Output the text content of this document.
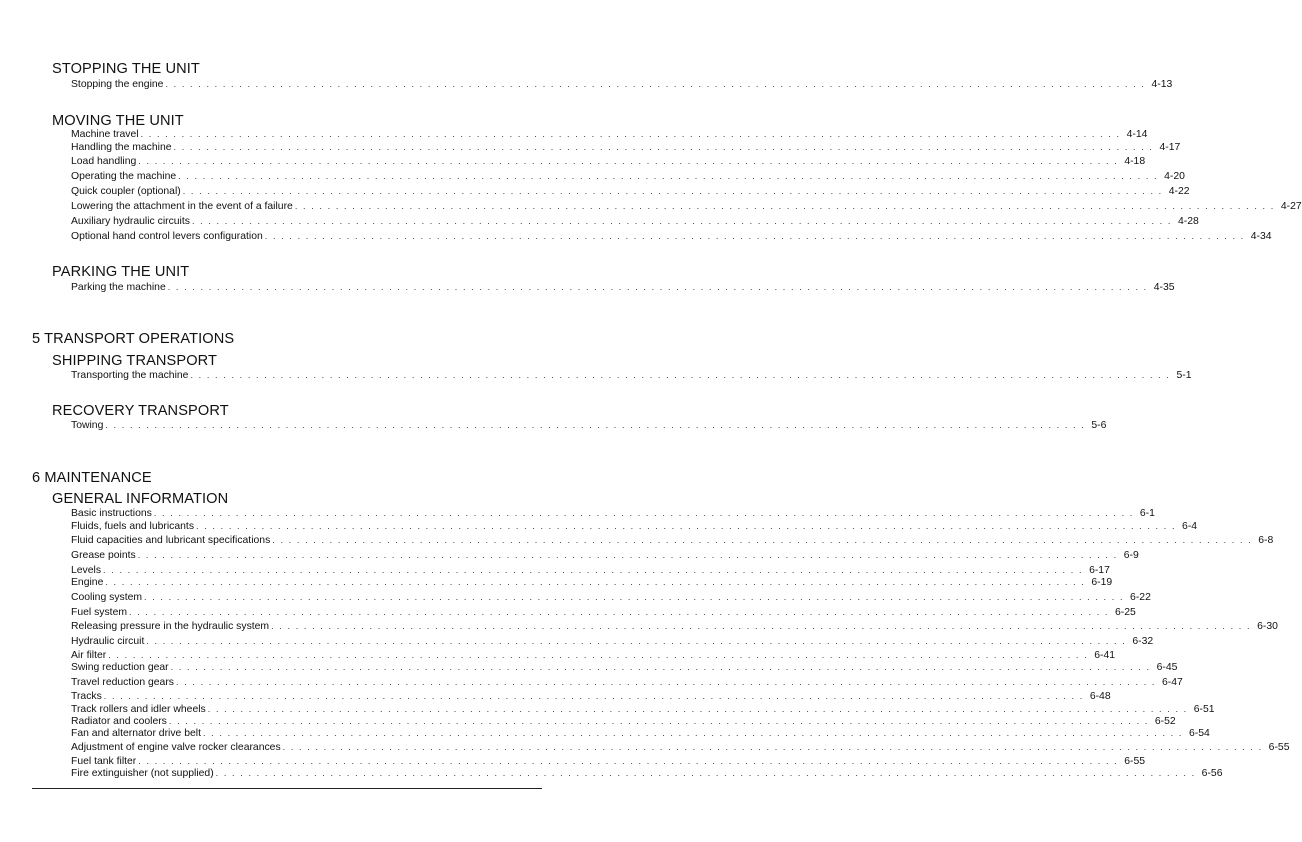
5 TRANSPORT OPERATIONS
6 MAINTENANCE
STOPPING THE UNIT
Stopping the engine . . . . . . . . . . . . . . . . . . . . . . . . . . . . . . . . . . . . . . . . . . . . . . . . . . . . . . . . . . . . . . . . . . . . . . . . . . . . . . . . . . . . . . . . . . . . . . . . . . . . . . . . . . . . . . . . . . . . . . . . 4-13
MOVING THE UNIT
Machine travel . . . . . . . . . . . . . . . . . . . . . . . . . . . . . . . . . . . . . . . . . . . . . . . . . . . . . . . . . . . . . . . . . . . . . . . . . . . . . . . . . . . . . . . . . . . . . . . . . . . . . . . . . . . . . . . . . . . . . . . . 4-14
Handling the machine . . . . . . . . . . . . . . . . . . . . . . . . . . . . . . . . . . . . . . . . . . . . . . . . . . . . . . . . . . . . . . . . . . . . . . . . . . . . . . . . . . . . . . . . . . . . . . . . . . . . . . . . . . . . . . . . . . . . . . . . 4-17
Load handling . . . . . . . . . . . . . . . . . . . . . . . . . . . . . . . . . . . . . . . . . . . . . . . . . . . . . . . . . . . . . . . . . . . . . . . . . . . . . . . . . . . . . . . . . . . . . . . . . . . . . . . . . . . . . . . . . . . . . . . . 4-18
Operating the machine . . . . . . . . . . . . . . . . . . . . . . . . . . . . . . . . . . . . . . . . . . . . . . . . . . . . . . . . . . . . . . . . . . . . . . . . . . . . . . . . . . . . . . . . . . . . . . . . . . . . . . . . . . . . . . . . . . . . . . . . 4-20
Quick coupler (optional) . . . . . . . . . . . . . . . . . . . . . . . . . . . . . . . . . . . . . . . . . . . . . . . . . . . . . . . . . . . . . . . . . . . . . . . . . . . . . . . . . . . . . . . . . . . . . . . . . . . . . . . . . . . . . . . . . . . . . . . . 4-22
Lowering the attachment in the event of a failure . . . . . . . . . . . . . . . . . . . . . . . . . . . . . . . . . . . . . . . . . . . . . . . . . . . . . . . . . . . . . . . . . . . . . . . . . . . . . . . . . . . . . . . . . . . . . . . . . . . . . . . . . . . . . . . . . . . . . . . . 4-27
Auxiliary hydraulic circuits . . . . . . . . . . . . . . . . . . . . . . . . . . . . . . . . . . . . . . . . . . . . . . . . . . . . . . . . . . . . . . . . . . . . . . . . . . . . . . . . . . . . . . . . . . . . . . . . . . . . . . . . . . . . . . . . . . . . . . . . 4-28
Optional hand control levers configuration . . . . . . . . . . . . . . . . . . . . . . . . . . . . . . . . . . . . . . . . . . . . . . . . . . . . . . . . . . . . . . . . . . . . . . . . . . . . . . . . . . . . . . . . . . . . . . . . . . . . . . . . . . . . . . . . . . . . . . . . 4-34
PARKING THE UNIT
Parking the machine . . . . . . . . . . . . . . . . . . . . . . . . . . . . . . . . . . . . . . . . . . . . . . . . . . . . . . . . . . . . . . . . . . . . . . . . . . . . . . . . . . . . . . . . . . . . . . . . . . . . . . . . . . . . . . . . . . . . . . . . 4-35
SHIPPING TRANSPORT
Transporting the machine . . . . . . . . . . . . . . . . . . . . . . . . . . . . . . . . . . . . . . . . . . . . . . . . . . . . . . . . . . . . . . . . . . . . . . . . . . . . . . . . . . . . . . . . . . . . . . . . . . . . . . . . . . . . . . . . . . . . . . . . 5-1
RECOVERY TRANSPORT
Towing . . . . . . . . . . . . . . . . . . . . . . . . . . . . . . . . . . . . . . . . . . . . . . . . . . . . . . . . . . . . . . . . . . . . . . . . . . . . . . . . . . . . . . . . . . . . . . . . . . . . . . . . . . . . . . . . . . . . . . . . 5-6
GENERAL INFORMATION
Basic instructions . . . . . . . . . . . . . . . . . . . . . . . . . . . . . . . . . . . . . . . . . . . . . . . . . . . . . . . . . . . . . . . . . . . . . . . . . . . . . . . . . . . . . . . . . . . . . . . . . . . . . . . . . . . . . . . . . . . . . . . . 6-1
Fluids, fuels and lubricants . . . . . . . . . . . . . . . . . . . . . . . . . . . . . . . . . . . . . . . . . . . . . . . . . . . . . . . . . . . . . . . . . . . . . . . . . . . . . . . . . . . . . . . . . . . . . . . . . . . . . . . . . . . . . . . . . . . . . . . . 6-4
Fluid capacities and lubricant specifications . . . . . . . . . . . . . . . . . . . . . . . . . . . . . . . . . . . . . . . . . . . . . . . . . . . . . . . . . . . . . . . . . . . . . . . . . . . . . . . . . . . . . . . . . . . . . . . . . . . . . . . . . . . . . . . . . . . . . . . . 6-8
Grease points . . . . . . . . . . . . . . . . . . . . . . . . . . . . . . . . . . . . . . . . . . . . . . . . . . . . . . . . . . . . . . . . . . . . . . . . . . . . . . . . . . . . . . . . . . . . . . . . . . . . . . . . . . . . . . . . . . . . . . . . 6-9
Levels . . . . . . . . . . . . . . . . . . . . . . . . . . . . . . . . . . . . . . . . . . . . . . . . . . . . . . . . . . . . . . . . . . . . . . . . . . . . . . . . . . . . . . . . . . . . . . . . . . . . . . . . . . . . . . . . . . . . . . . . 6-17
Engine . . . . . . . . . . . . . . . . . . . . . . . . . . . . . . . . . . . . . . . . . . . . . . . . . . . . . . . . . . . . . . . . . . . . . . . . . . . . . . . . . . . . . . . . . . . . . . . . . . . . . . . . . . . . . . . . . . . . . . . . 6-19
Cooling system . . . . . . . . . . . . . . . . . . . . . . . . . . . . . . . . . . . . . . . . . . . . . . . . . . . . . . . . . . . . . . . . . . . . . . . . . . . . . . . . . . . . . . . . . . . . . . . . . . . . . . . . . . . . . . . . . . . . . . . . 6-22
Fuel system . . . . . . . . . . . . . . . . . . . . . . . . . . . . . . . . . . . . . . . . . . . . . . . . . . . . . . . . . . . . . . . . . . . . . . . . . . . . . . . . . . . . . . . . . . . . . . . . . . . . . . . . . . . . . . . . . . . . . . . . 6-25
Releasing pressure in the hydraulic system . . . . . . . . . . . . . . . . . . . . . . . . . . . . . . . . . . . . . . . . . . . . . . . . . . . . . . . . . . . . . . . . . . . . . . . . . . . . . . . . . . . . . . . . . . . . . . . . . . . . . . . . . . . . . . . . . . . . . . . . 6-30
Hydraulic circuit . . . . . . . . . . . . . . . . . . . . . . . . . . . . . . . . . . . . . . . . . . . . . . . . . . . . . . . . . . . . . . . . . . . . . . . . . . . . . . . . . . . . . . . . . . . . . . . . . . . . . . . . . . . . . . . . . . . . . . . . 6-32
Air filter . . . . . . . . . . . . . . . . . . . . . . . . . . . . . . . . . . . . . . . . . . . . . . . . . . . . . . . . . . . . . . . . . . . . . . . . . . . . . . . . . . . . . . . . . . . . . . . . . . . . . . . . . . . . . . . . . . . . . . . . 6-41
Swing reduction gear . . . . . . . . . . . . . . . . . . . . . . . . . . . . . . . . . . . . . . . . . . . . . . . . . . . . . . . . . . . . . . . . . . . . . . . . . . . . . . . . . . . . . . . . . . . . . . . . . . . . . . . . . . . . . . . . . . . . . . . . 6-45
Travel reduction gears . . . . . . . . . . . . . . . . . . . . . . . . . . . . . . . . . . . . . . . . . . . . . . . . . . . . . . . . . . . . . . . . . . . . . . . . . . . . . . . . . . . . . . . . . . . . . . . . . . . . . . . . . . . . . . . . . . . . . . . . 6-47
Tracks . . . . . . . . . . . . . . . . . . . . . . . . . . . . . . . . . . . . . . . . . . . . . . . . . . . . . . . . . . . . . . . . . . . . . . . . . . . . . . . . . . . . . . . . . . . . . . . . . . . . . . . . . . . . . . . . . . . . . . . . 6-48
Track rollers and idler wheels . . . . . . . . . . . . . . . . . . . . . . . . . . . . . . . . . . . . . . . . . . . . . . . . . . . . . . . . . . . . . . . . . . . . . . . . . . . . . . . . . . . . . . . . . . . . . . . . . . . . . . . . . . . . . . . . . . . . . . . . 6-51
Radiator and coolers . . . . . . . . . . . . . . . . . . . . . . . . . . . . . . . . . . . . . . . . . . . . . . . . . . . . . . . . . . . . . . . . . . . . . . . . . . . . . . . . . . . . . . . . . . . . . . . . . . . . . . . . . . . . . . . . . . . . . . . . 6-52
Fan and alternator drive belt . . . . . . . . . . . . . . . . . . . . . . . . . . . . . . . . . . . . . . . . . . . . . . . . . . . . . . . . . . . . . . . . . . . . . . . . . . . . . . . . . . . . . . . . . . . . . . . . . . . . . . . . . . . . . . . . . . . . . . . . 6-54
Adjustment of engine valve rocker clearances . . . . . . . . . . . . . . . . . . . . . . . . . . . . . . . . . . . . . . . . . . . . . . . . . . . . . . . . . . . . . . . . . . . . . . . . . . . . . . . . . . . . . . . . . . . . . . . . . . . . . . . . . . . . . . . . . . . . . . . . 6-55
Fuel tank filter . . . . . . . . . . . . . . . . . . . . . . . . . . . . . . . . . . . . . . . . . . . . . . . . . . . . . . . . . . . . . . . . . . . . . . . . . . . . . . . . . . . . . . . . . . . . . . . . . . . . . . . . . . . . . . . . . . . . . . . . 6-55
Fire extinguisher (not supplied) . . . . . . . . . . . . . . . . . . . . . . . . . . . . . . . . . . . . . . . . . . . . . . . . . . . . . . . . . . . . . . . . . . . . . . . . . . . . . . . . . . . . . . . . . . . . . . . . . . . . . . . . . . . . . . . . . . . . . . . . 6-56
